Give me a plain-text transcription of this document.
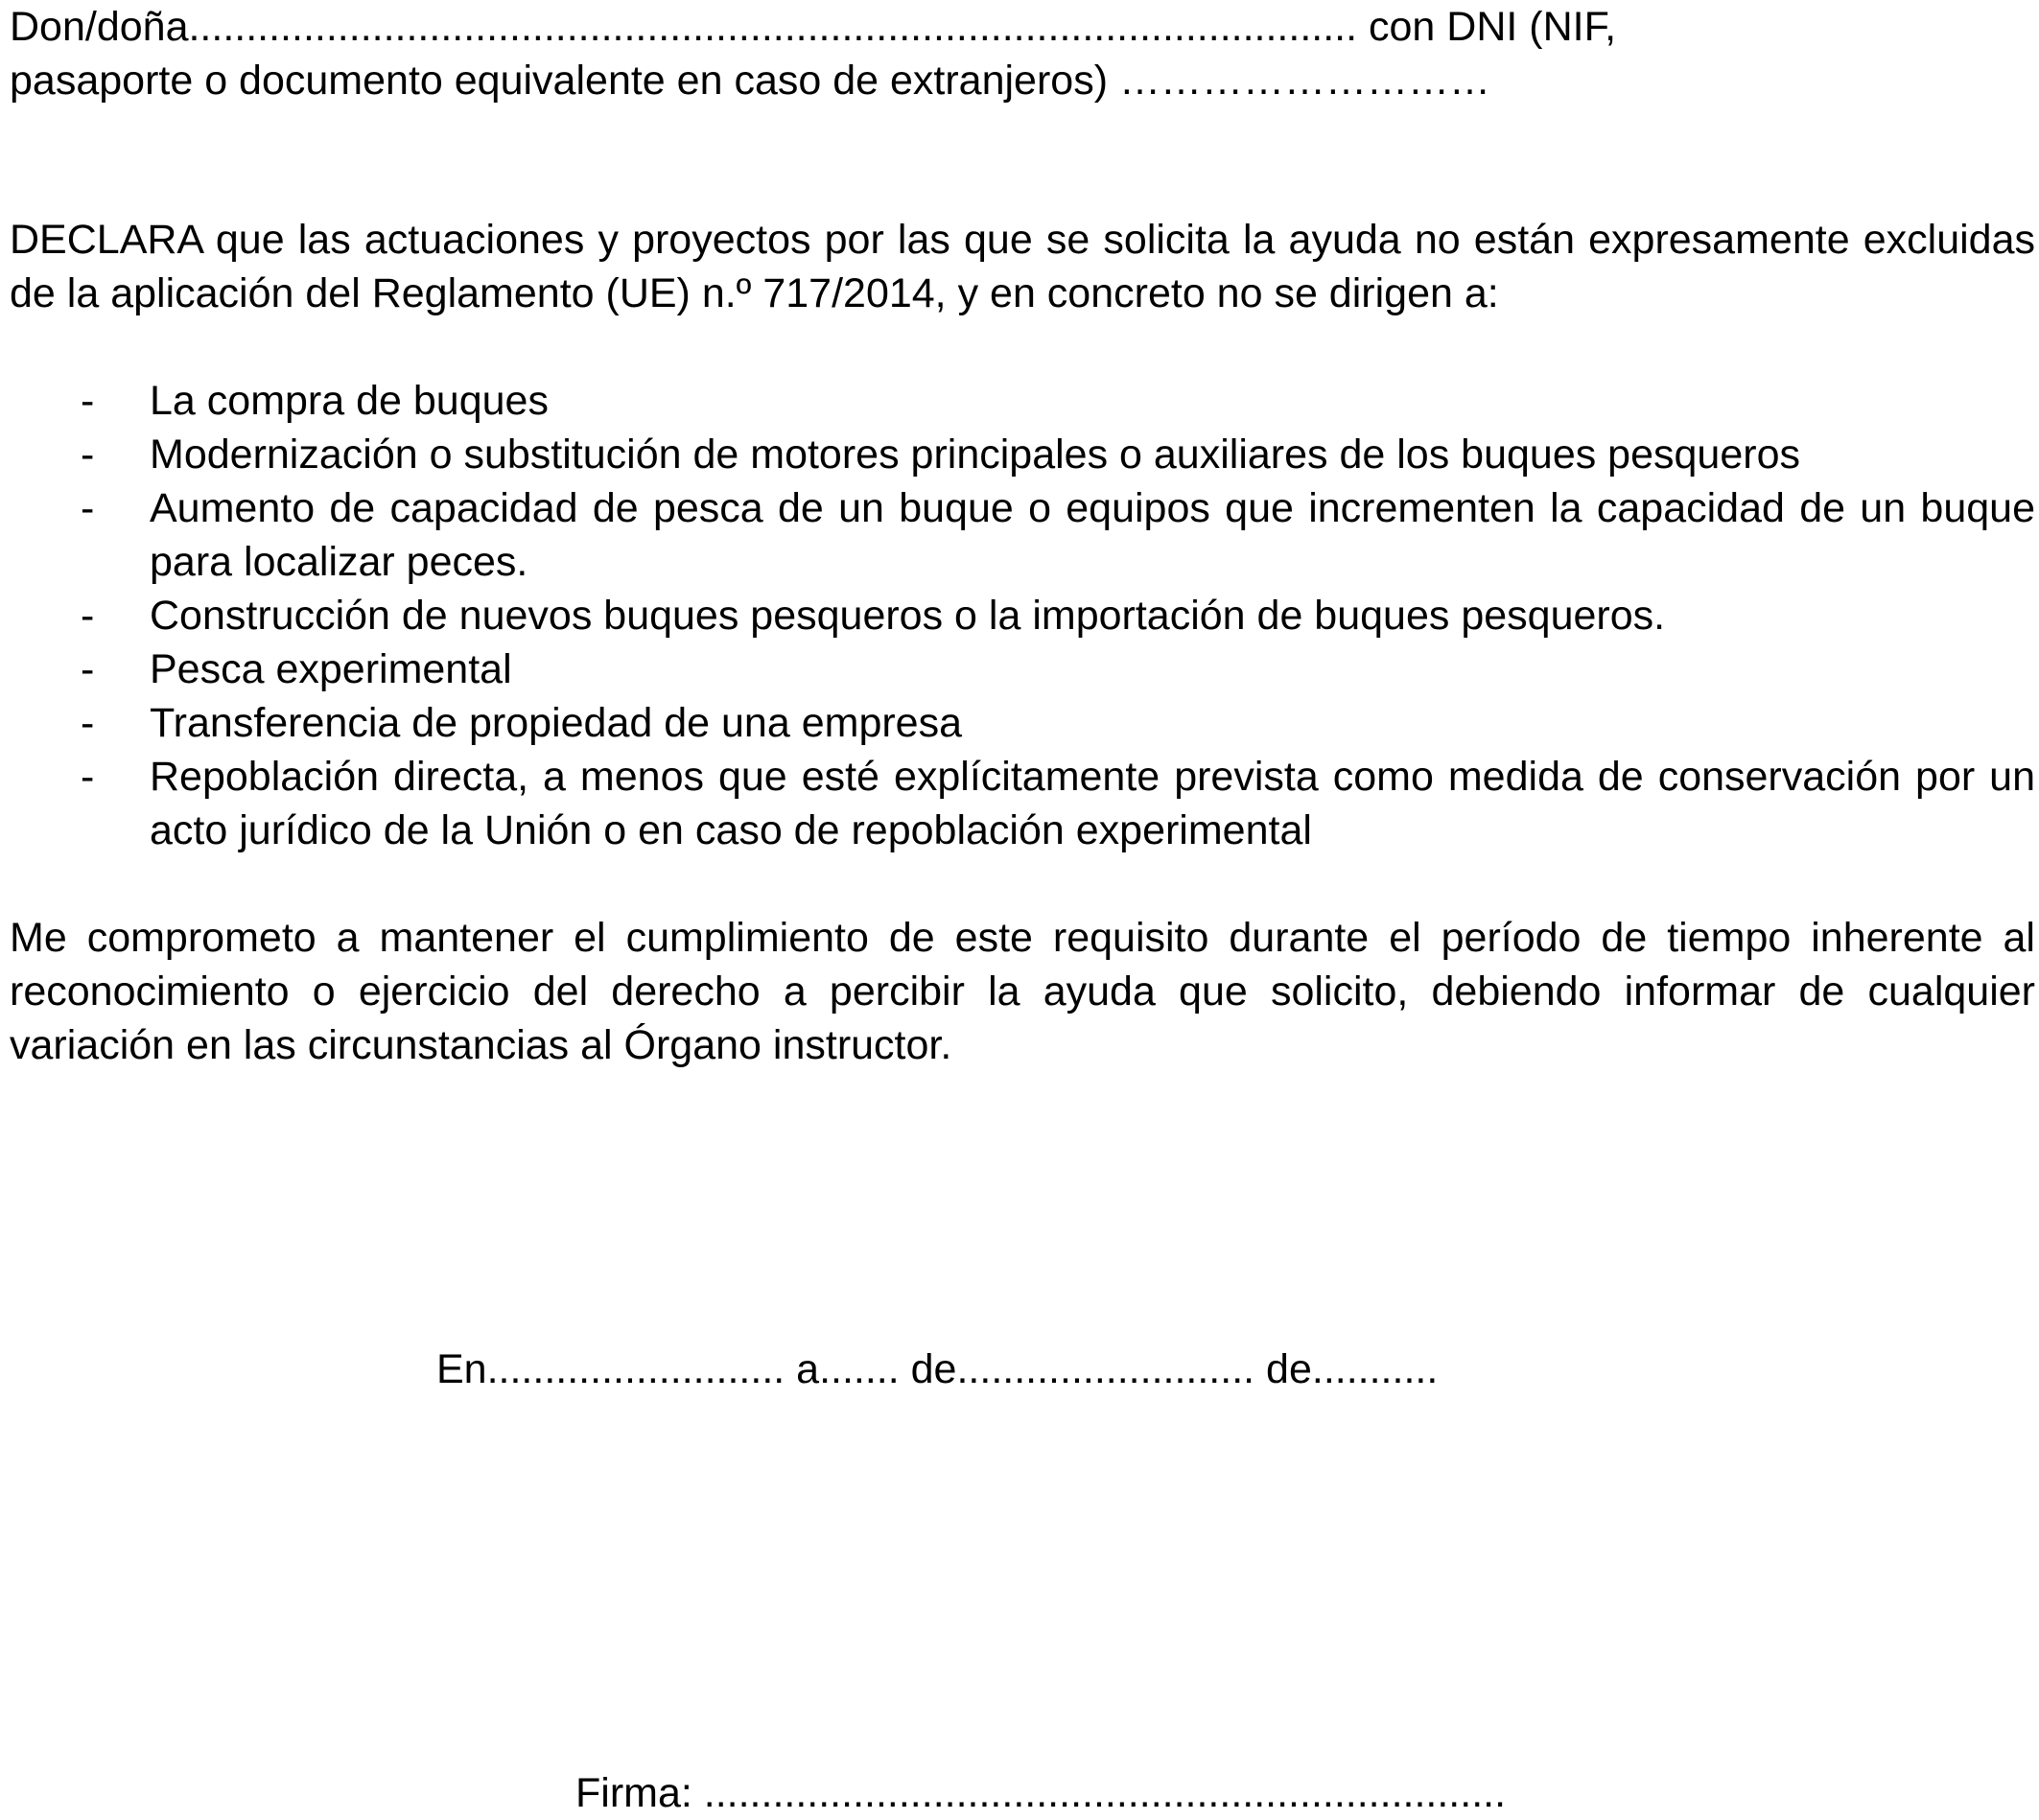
Don/doña...................................................................................................... con DNI (NIF,
pasaporte o documento equivalente en caso de extranjeros) ………………………
DECLARA que las actuaciones y proyectos por las que se solicita la ayuda no están expresamente excluidas de la aplicación del Reglamento (UE) n.º 717/2014, y en concreto no se dirigen a:
- La compra de buques
- Modernización o substitución de motores principales o auxiliares de los buques pesqueros
- Aumento de capacidad de pesca de un buque o equipos que incrementen la capacidad de un buque para localizar peces.
- Construcción de nuevos buques pesqueros o la importación de buques pesqueros.
- Pesca experimental
- Transferencia de propiedad de una empresa
- Repoblación directa, a menos que esté explícitamente prevista como medida de conservación por un acto jurídico de la Unión o en caso de repoblación experimental
Me comprometo a mantener el cumplimiento de este requisito durante el período de tiempo inherente al reconocimiento o ejercicio del derecho a percibir la ayuda que solicito, debiendo informar de cualquier variación en las circunstancias al Órgano instructor.
En.......................... a....... de.......................... de...........
Firma: ......................................................................
